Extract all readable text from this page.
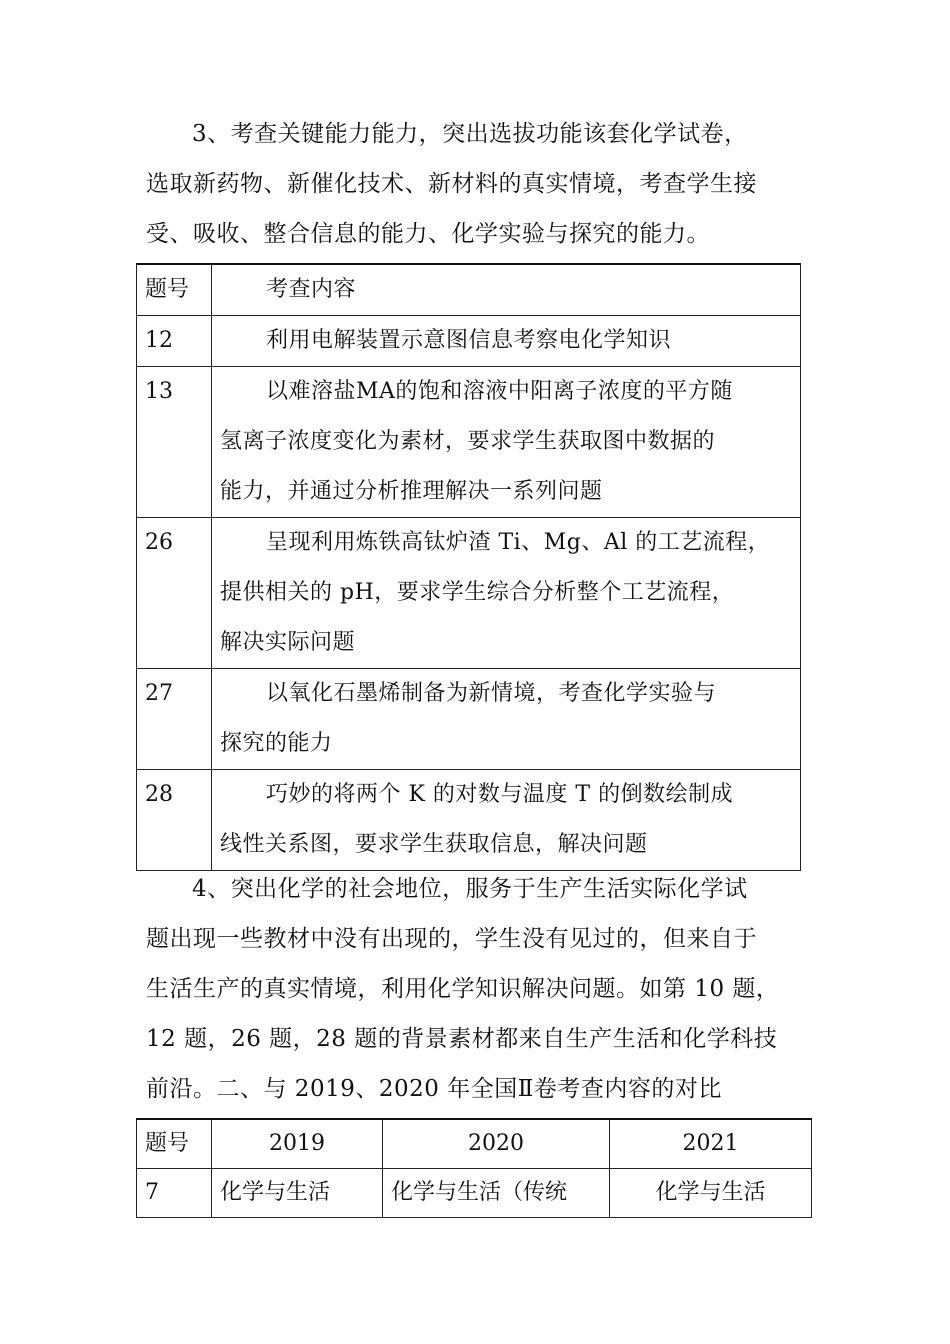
3、考查关键能力能力，突出选拔功能该套化学试卷，
选取新药物、新催化技术、新材料的真实情境，考查学生接
受、吸收、整合信息的能力、化学实验与探究的能力。

题号	考查内容

12	利用电解装置示意图信息考察电化学知识

13	以难溶盐MA的饱和溶液中阳离子浓度的平方随
氢离子浓度变化为素材，要求学生获取图中数据的
能力，并通过分析推理解决一系列问题

26	呈现利用炼铁高钛炉渣 Ti、Mg、Al 的工艺流程，
提供相关的 pH，要求学生综合分析整个工艺流程，
解决实际问题

27	以氧化石墨烯制备为新情境，考查化学实验与
探究的能力

28	巧妙的将两个 K 的对数与温度 T 的倒数绘制成
线性关系图，要求学生获取信息，解决问题

4、突出化学的社会地位，服务于生产生活实际化学试
题出现一些教材中没有出现的，学生没有见过的，但来自于
生活生产的真实情境，利用化学知识解决问题。如第 10 题，
12 题，26 题，28 题的背景素材都来自生产生活和化学科技
前沿。二、与 2019、2020 年全国Ⅱ卷考查内容的对比

题号	2019	2020	2021
7	化学与生活	化学与生活（传统	化学与生活
